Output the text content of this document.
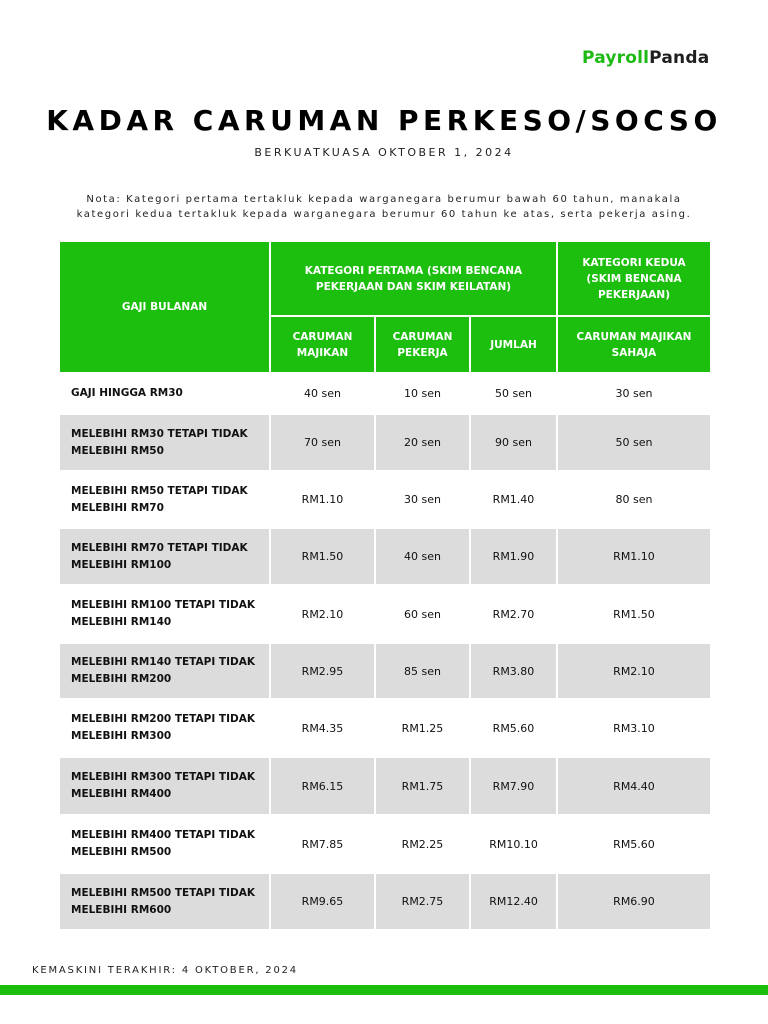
PayrollPanda
KADAR CARUMAN PERKESO/SOCSO
BERKUATKUASA OKTOBER 1, 2024
Nota: Kategori pertama tertakluk kepada warganegara berumur bawah 60 tahun, manakala
kategori kedua tertakluk kepada warganegara berumur 60 tahun ke atas, serta pekerja asing.
GAJI BULANAN	KATEGORI PERTAMA (SKIM BENCANA PEKERJAAN DAN SKIM KEILATAN)			KATEGORI KEDUA (SKIM BENCANA PEKERJAAN)
	CARUMAN MAJIKAN	CARUMAN PEKERJA	JUMLAH	CARUMAN MAJIKAN SAHAJA
GAJI HINGGA RM30	40 sen	10 sen	50 sen	30 sen
MELEBIHI RM30 TETAPI TIDAK MELEBIHI RM50	70 sen	20 sen	90 sen	50 sen
MELEBIHI RM50 TETAPI TIDAK MELEBIHI RM70	RM1.10	30 sen	RM1.40	80 sen
MELEBIHI RM70 TETAPI TIDAK MELEBIHI RM100	RM1.50	40 sen	RM1.90	RM1.10
MELEBIHI RM100 TETAPI TIDAK MELEBIHI RM140	RM2.10	60 sen	RM2.70	RM1.50
MELEBIHI RM140 TETAPI TIDAK MELEBIHI RM200	RM2.95	85 sen	RM3.80	RM2.10
MELEBIHI RM200 TETAPI TIDAK MELEBIHI RM300	RM4.35	RM1.25	RM5.60	RM3.10
MELEBIHI RM300 TETAPI TIDAK MELEBIHI RM400	RM6.15	RM1.75	RM7.90	RM4.40
MELEBIHI RM400 TETAPI TIDAK MELEBIHI RM500	RM7.85	RM2.25	RM10.10	RM5.60
MELEBIHI RM500 TETAPI TIDAK MELEBIHI RM600	RM9.65	RM2.75	RM12.40	RM6.90
KEMASKINI TERAKHIR: 4 OKTOBER, 2024
